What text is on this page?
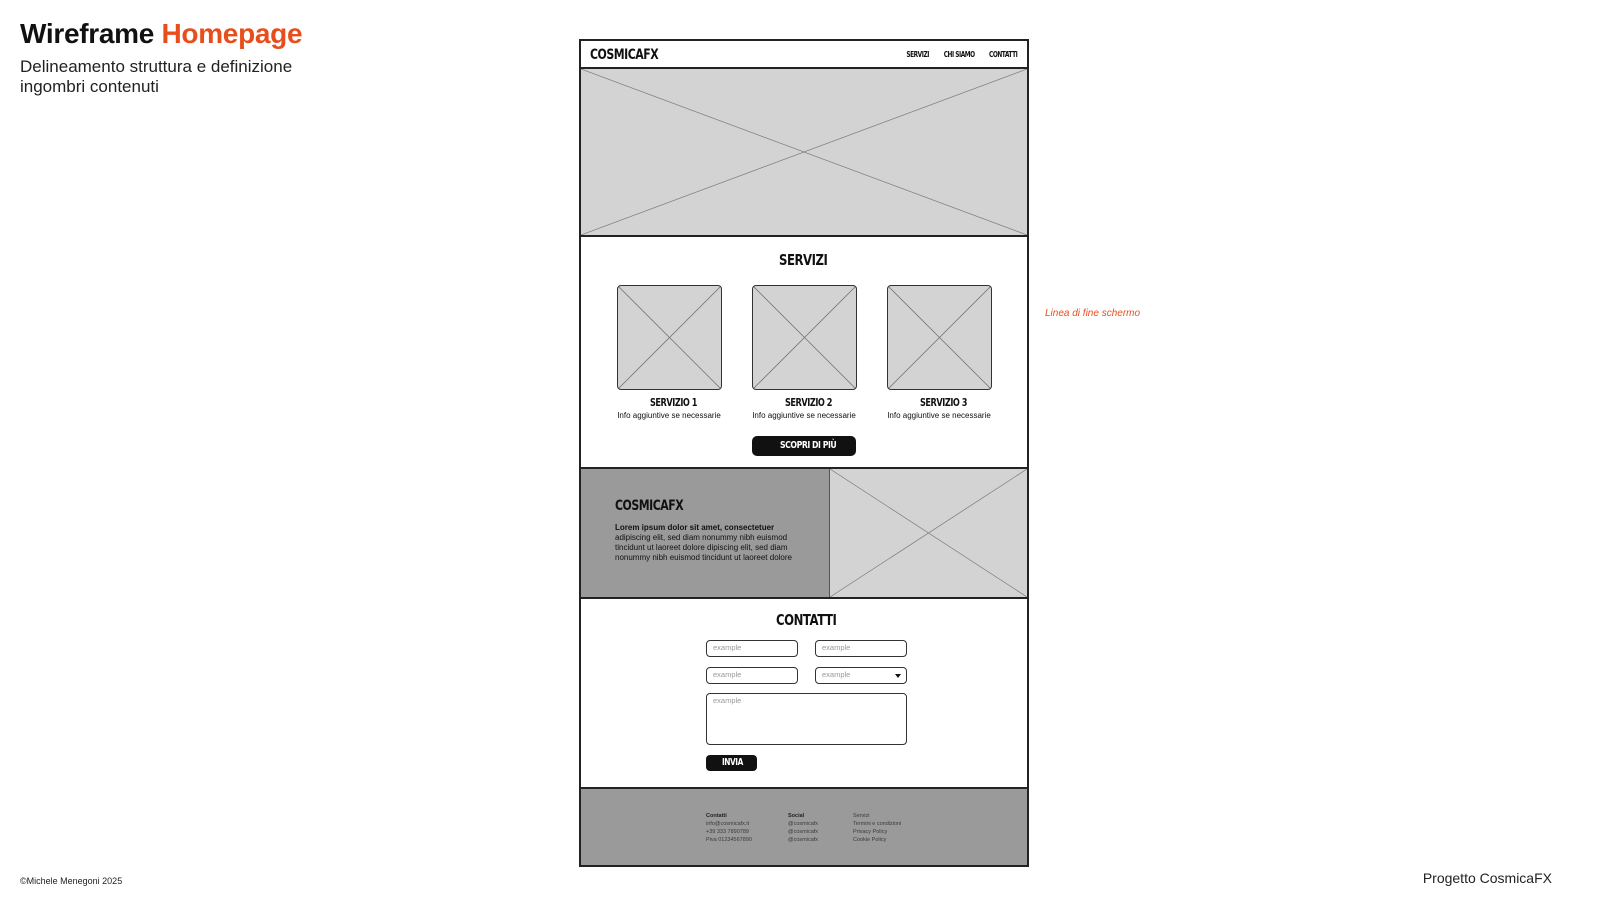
Wireframe Homepage
Delineamento struttura e definizione ingombri contenuti
Linea di fine schermo
COSMICAFX	SERVIZI CHI SIAMO CONTATTI
SERVIZI
SERVIZIO 1
Info aggiuntive se necessarie
SERVIZIO 2
Info aggiuntive se necessarie
SERVIZIO 3
Info aggiuntive se necessarie
SCOPRI DI PIÙ
COSMICAFX
Lorem ipsum dolor sit amet, consectetuer adipiscing elit, sed diam nonummy nibh euismod tincidunt ut laoreet dolore dipiscing elit, sed diam nonummy nibh euismod tincidunt ut laoreet dolore
CONTATTI
example	example
example	example
example
INVIA
Contatti
info@cosmicafx.it
+39 333 7890789
Piva 01234567890
Social
@cosmicafx
@cosmicafx
@cosmicafx
Servizi
Termini e condizioni
Privacy Policy
Cookie Policy
©Michele Menegoni 2025	Progetto CosmicaFX
